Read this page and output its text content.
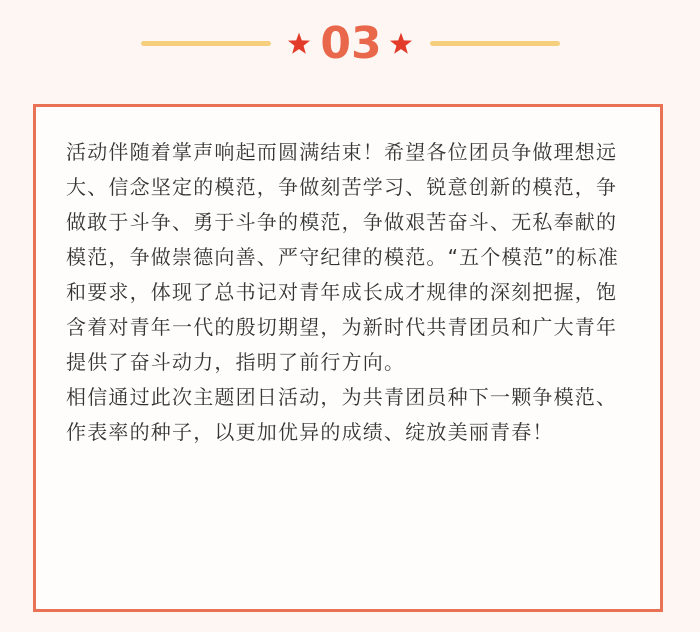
03

活动伴随着掌声响起而圆满结束！希望各位团员争做理想远大、信念坚定的模范，争做刻苦学习、锐意创新的模范，争做敢于斗争、勇于斗争的模范，争做艰苦奋斗、无私奉献的模范，争做崇德向善、严守纪律的模范。“五个模范”的标准和要求，体现了总书记对青年成长成才规律的深刻把握，饱含着对青年一代的殷切期望，为新时代共青团员和广大青年提供了奋斗动力，指明了前行方向。

相信通过此次主题团日活动，为共青团员种下一颗争模范、作表率的种子，以更加优异的成绩、绽放美丽青春！
